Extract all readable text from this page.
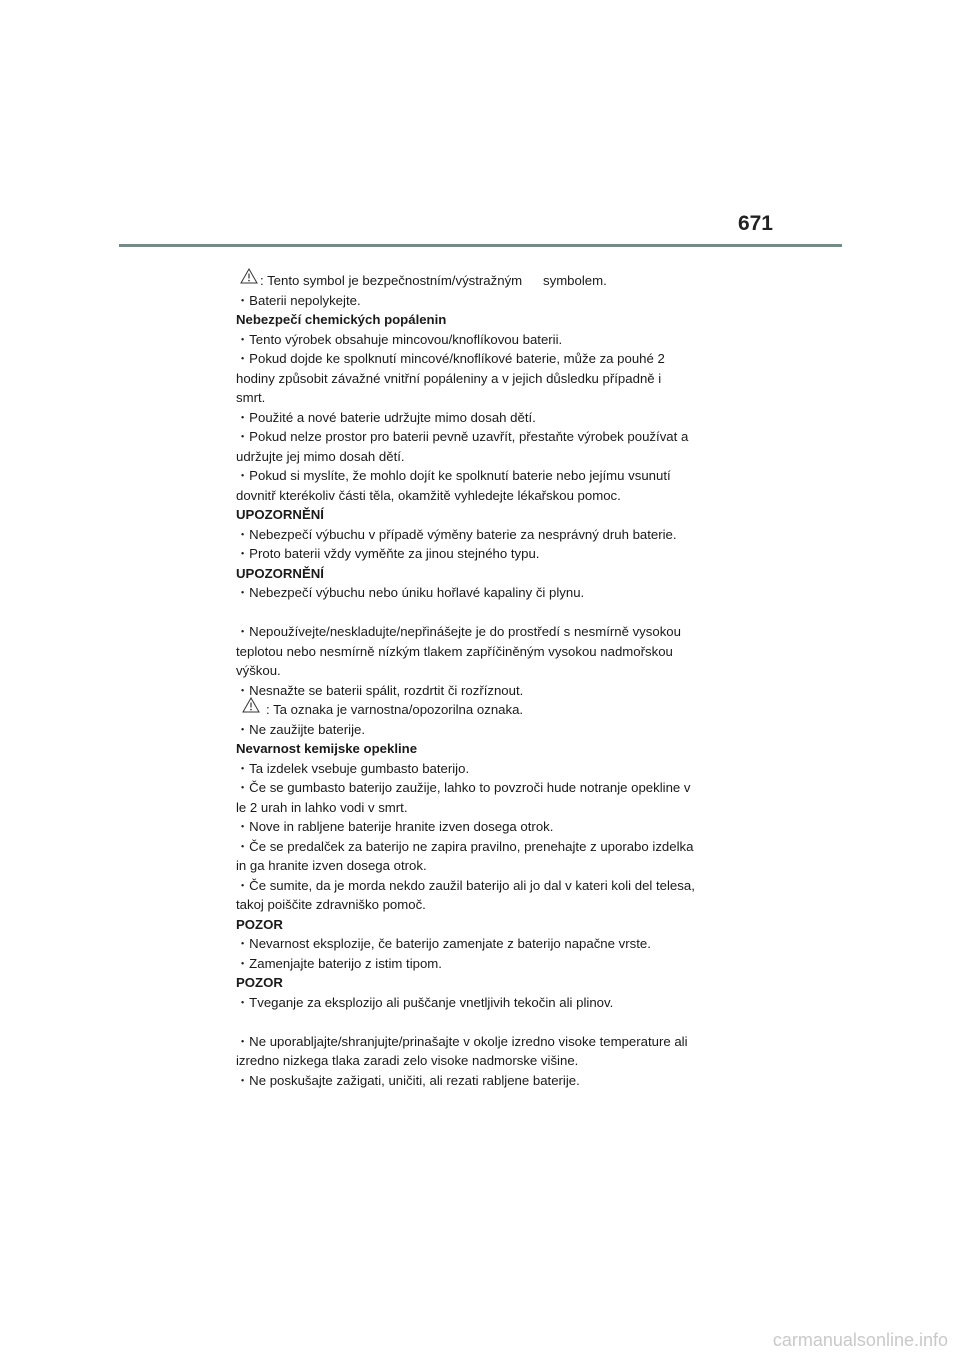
671
: Tento symbol je bezpečnostním/výstražným symbolem.
・Baterii nepolykejte.
Nebezpečí chemických popálenin
・Tento výrobek obsahuje mincovou/knoflíkovou baterii.
・Pokud dojde ke spolknutí mincové/knoflíkové baterie, může za pouhé 2
hodiny způsobit závažné vnitřní popáleniny a v jejich důsledku případně i
smrt.
・Použité a nové baterie udržujte mimo dosah dětí.
・Pokud nelze prostor pro baterii pevně uzavřít, přestaňte výrobek používat a
udržujte jej mimo dosah dětí.
・Pokud si myslíte, že mohlo dojít ke spolknutí baterie nebo jejímu vsunutí
dovnitř kterékoliv části těla, okamžitě vyhledejte lékařskou pomoc.
UPOZORNĚNÍ
・Nebezpečí výbuchu v případě výměny baterie za nesprávný druh baterie.
・Proto baterii vždy vyměňte za jinou stejného typu.
UPOZORNĚNÍ
・Nebezpečí výbuchu nebo úniku hořlavé kapaliny či plynu.
・Nepoužívejte/neskladujte/nepřinášejte je do prostředí s nesmírně vysokou
teplotou nebo nesmírně nízkým tlakem zapříčiněným vysokou nadmořskou
výškou.
・Nesnažte se baterii spálit, rozdrtit či rozříznout.
: Ta oznaka je varnostna/opozorilna oznaka.
・Ne zaužijte baterije.
Nevarnost kemijske opekline
・Ta izdelek vsebuje gumbasto baterijo.
・Če se gumbasto baterijo zaužije, lahko to povzroči hude notranje opekline v
le 2 urah in lahko vodi v smrt.
・Nove in rabljene baterije hranite izven dosega otrok.
・Če se predalček za baterijo ne zapira pravilno, prenehajte z uporabo izdelka
in ga hranite izven dosega otrok.
・Če sumite, da je morda nekdo zaužil baterijo ali jo dal v kateri koli del telesa,
takoj poiščite zdravniško pomoč.
POZOR
・Nevarnost eksplozije, če baterijo zamenjate z baterijo napačne vrste.
・Zamenjajte baterijo z istim tipom.
POZOR
・Tveganje za eksplozijo ali puščanje vnetljivih tekočin ali plinov.
・Ne uporabljajte/shranjujte/prinašajte v okolje izredno visoke temperature ali
izredno nizkega tlaka zaradi zelo visoke nadmorske višine.
・Ne poskušajte zažigati, uničiti, ali rezati rabljene baterije.
carmanualsonline.info
